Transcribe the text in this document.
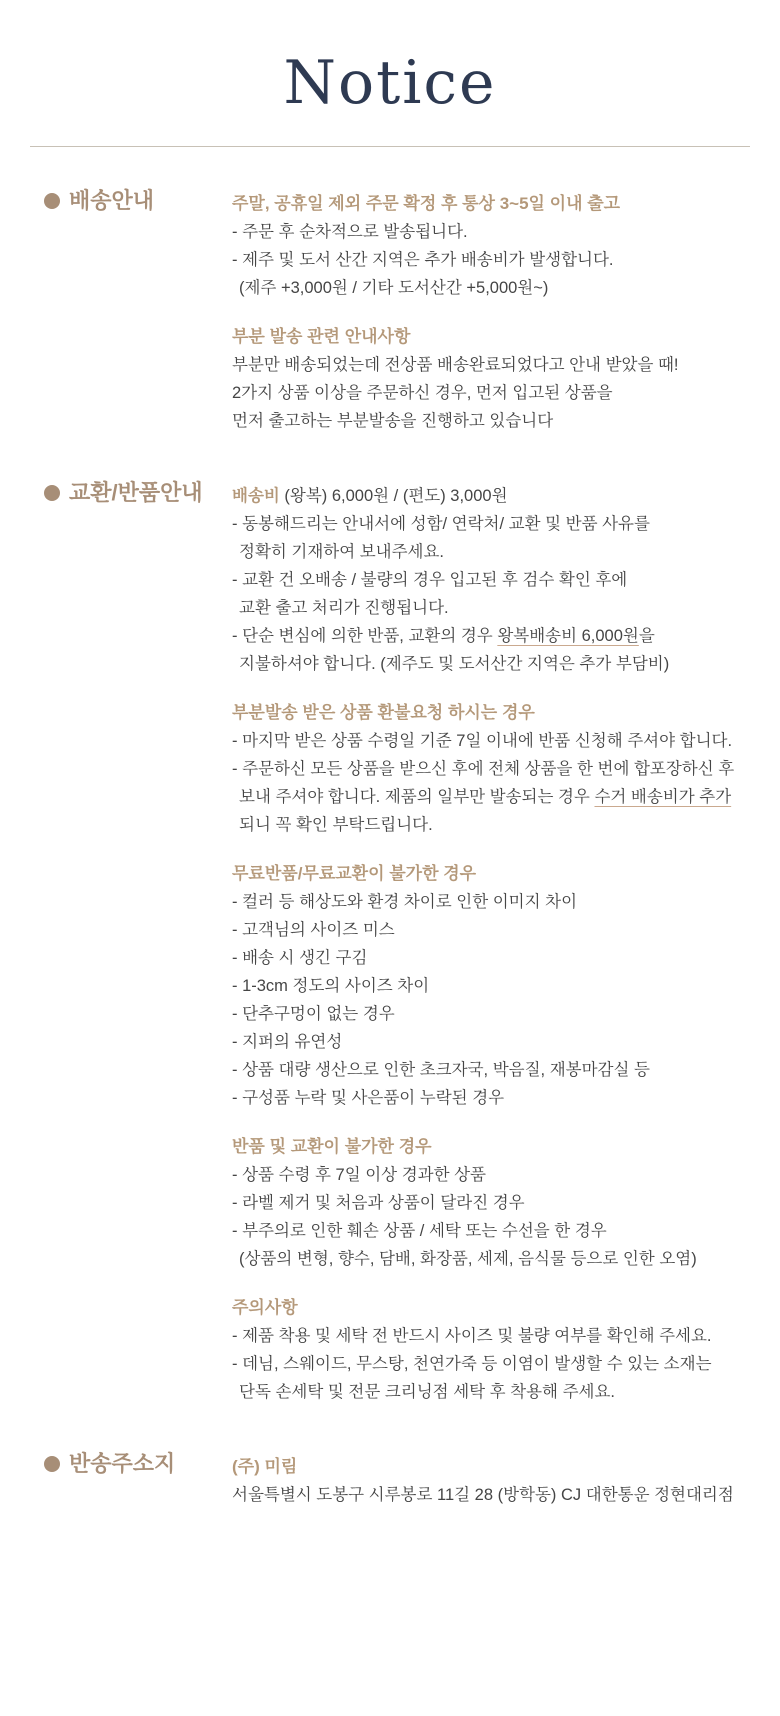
Notice
배송안내	주말, 공휴일 제외 주문 확정 후 통상 3~5일 이내 출고

- 주문 후 순차적으로 발송됩니다.

- 제주 및 도서 산간 지역은 추가 배송비가 발생합니다.

(제주 +3,000원 / 기타 도서산간 +5,000원~)

부분 발송 관련 안내사항

부분만 배송되었는데 전상품 배송완료되었다고 안내 받았을 때!

2가지 상품 이상을 주문하신 경우, 먼저 입고된 상품을

먼저 출고하는 부분발송을 진행하고 있습니다

교환/반품안내 배송비 (왕복) 6,000원 / (편도) 3,000원

- 동봉해드리는 안내서에 성함/ 연락처/ 교환 및 반품 사유를

정확히 기재하여 보내주세요.

- 교환 건 오배송 / 불량의 경우 입고된 후 검수 확인 후에

교환 출고 처리가 진행됩니다.

- 단순 변심에 의한 반품, 교환의 경우 왕복배송비 6,000원을

지불하셔야 합니다. (제주도 및 도서산간 지역은 추가 부담비)

부분발송 받은 상품 환불요청 하시는 경우

- 마지막 받은 상품 수령일 기준 7일 이내에 반품 신청해 주셔야 합니다.

- 주문하신 모든 상품을 받으신 후에 전체 상품을 한 번에 합포장하신 후

보내 주셔야 합니다. 제품의 일부만 발송되는 경우 수거 배송비가 추가

되니 꼭 확인 부탁드립니다.

무료반품/무료교환이 불가한 경우

- 컬러 등 해상도와 환경 차이로 인한 이미지 차이

- 고객님의 사이즈 미스

- 배송 시 생긴 구김

- 1-3cm 정도의 사이즈 차이

- 단추구멍이 없는 경우

- 지퍼의 유연성

- 상품 대량 생산으로 인한 초크자국, 박음질, 재봉마감실 등

- 구성품 누락 및 사은품이 누락된 경우

반품 및 교환이 불가한 경우

- 상품 수령 후 7일 이상 경과한 상품

- 라벨 제거 및 처음과 상품이 달라진 경우

- 부주의로 인한 훼손 상품 / 세탁 또는 수선을 한 경우

(상품의 변형, 향수, 담배, 화장품, 세제, 음식물 등으로 인한 오염)

주의사항

- 제품 착용 및 세탁 전 반드시 사이즈 및 불량 여부를 확인해 주세요.

- 데님, 스웨이드, 무스탕, 천연가죽 등 이염이 발생할 수 있는 소재는

단독 손세탁 및 전문 크리닝점 세탁 후 착용해 주세요.

반송주소지	(주) 미림

서울특별시 도봉구 시루봉로 11길 28 (방학동) CJ 대한통운 정현대리점
